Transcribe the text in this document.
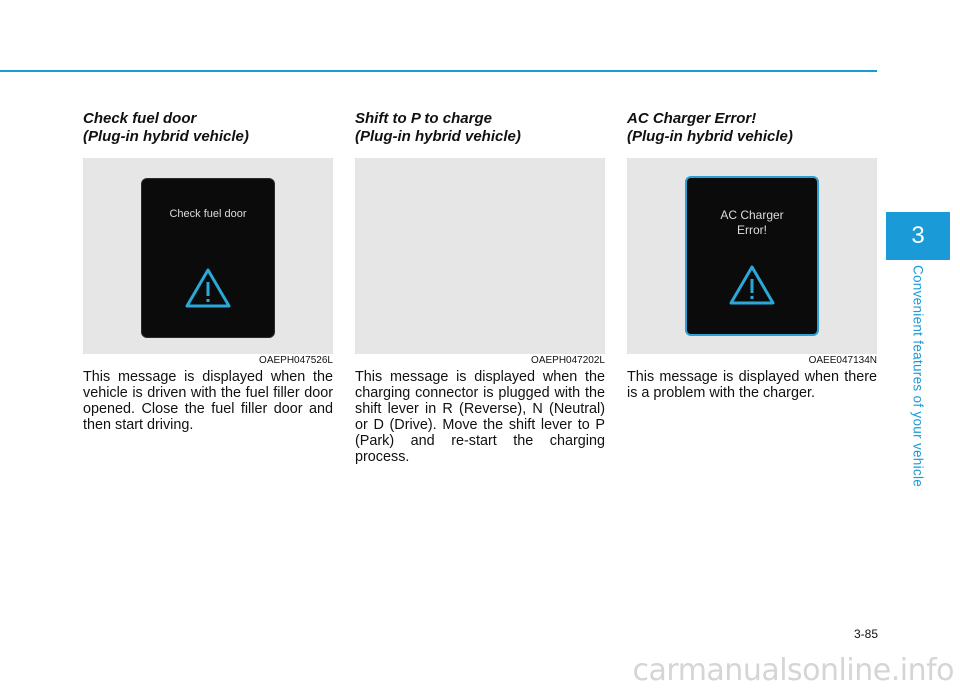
Check fuel door
(Plug-in hybrid vehicle)
Check fuel door
OAEPH047526L

This message is displayed when the vehicle is driven with the fuel filler door opened. Close the fuel filler door and then start driving.

Shift to P to charge
(Plug-in hybrid vehicle)
OAEPH047202L

This message is displayed when the charging connector is plugged with the shift lever in R (Reverse), N (Neutral) or D (Drive). Move the shift lever to P (Park) and re-start the charging process.

AC Charger Error!
(Plug-in hybrid vehicle)
AC Charger
Error!
OAEE047134N

This message is displayed when there is a problem with the charger.

3
Convenient features of your vehicle
3-85
carmanualsonline.info
